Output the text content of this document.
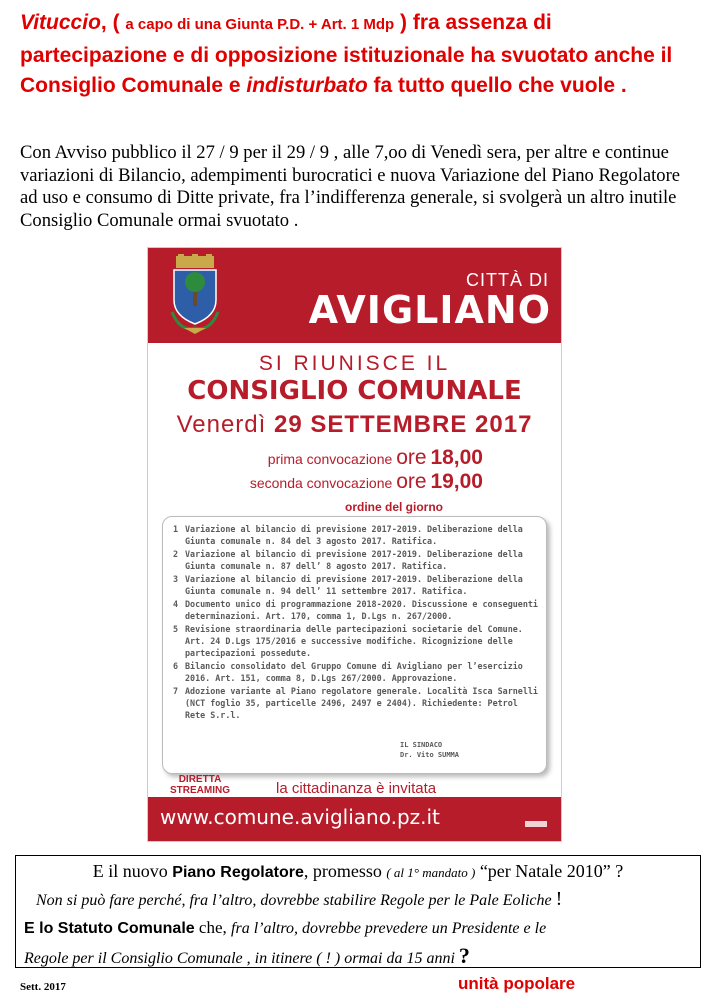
Vituccio, ( a capo di una Giunta P.D. + Art. 1 Mdp ) fra assenza di partecipazione e di opposizione istituzionale ha svuotato anche il Consiglio Comunale e indisturbato fa tutto quello che vuole .

Con Avviso pubblico il 27 / 9 per il 29 / 9 , alle 7,oo di Venedì sera, per altre e continue variazioni di Bilancio, adempimenti burocratici e nuova Variazione del Piano Regolatore ad uso e consumo di Ditte private, fra l’indifferenza generale, si svolgerà un altro inutile Consiglio Comunale ormai svuotato .

CITTÀ DI
AVIGLIANO
SI RIUNISCE IL
CONSIGLIO COMUNALE
Venerdì 29 SETTEMBRE 2017
prima convocazione ore 18,00
seconda convocazione ore 19,00
ordine del giorno
1 Variazione al bilancio di previsione 2017-2019. Deliberazione della Giunta comunale n. 84 del 3 agosto 2017. Ratifica.
2 Variazione al bilancio di previsione 2017-2019. Deliberazione della Giunta comunale n. 87 dell’ 8 agosto 2017. Ratifica.
3 Variazione al bilancio di previsione 2017-2019. Deliberazione della Giunta comunale n. 94 dell’ 11 settembre 2017. Ratifica.
4 Documento unico di programmazione 2018-2020. Discussione e conseguenti determinazioni. Art. 170, comma 1, D.Lgs n. 267/2000.
5 Revisione straordinaria delle partecipazioni societarie del Comune. Art. 24 D.Lgs 175/2016 e successive modifiche. Ricognizione delle partecipazioni possedute.
6 Bilancio consolidato del Gruppo Comune di Avigliano per l’esercizio 2016. Art. 151, comma 8, D.Lgs 267/2000. Approvazione.
7 Adozione variante al Piano regolatore generale. Località Isca Sarnelli (NCT foglio 35, particelle 2496, 2497 e 2404). Richiedente: Petrol Rete S.r.l.
IL SINDACO
Dr. Vito SUMMA
DIRETTA
STREAMING	la cittadinanza è invitata
www.comune.avigliano.pz.it

E il nuovo Piano Regolatore, promesso ( al 1° mandato ) “per Natale 2010” ?

Non si può fare perché, fra l’altro, dovrebbe stabilire Regole per le Pale Eoliche !

E lo Statuto Comunale che, fra l’altro, dovrebbe prevedere un Presidente e le

Regole per il Consiglio Comunale , in itinere ( ! ) ormai da 15 anni ?

Sett. 2017	unità popolare
